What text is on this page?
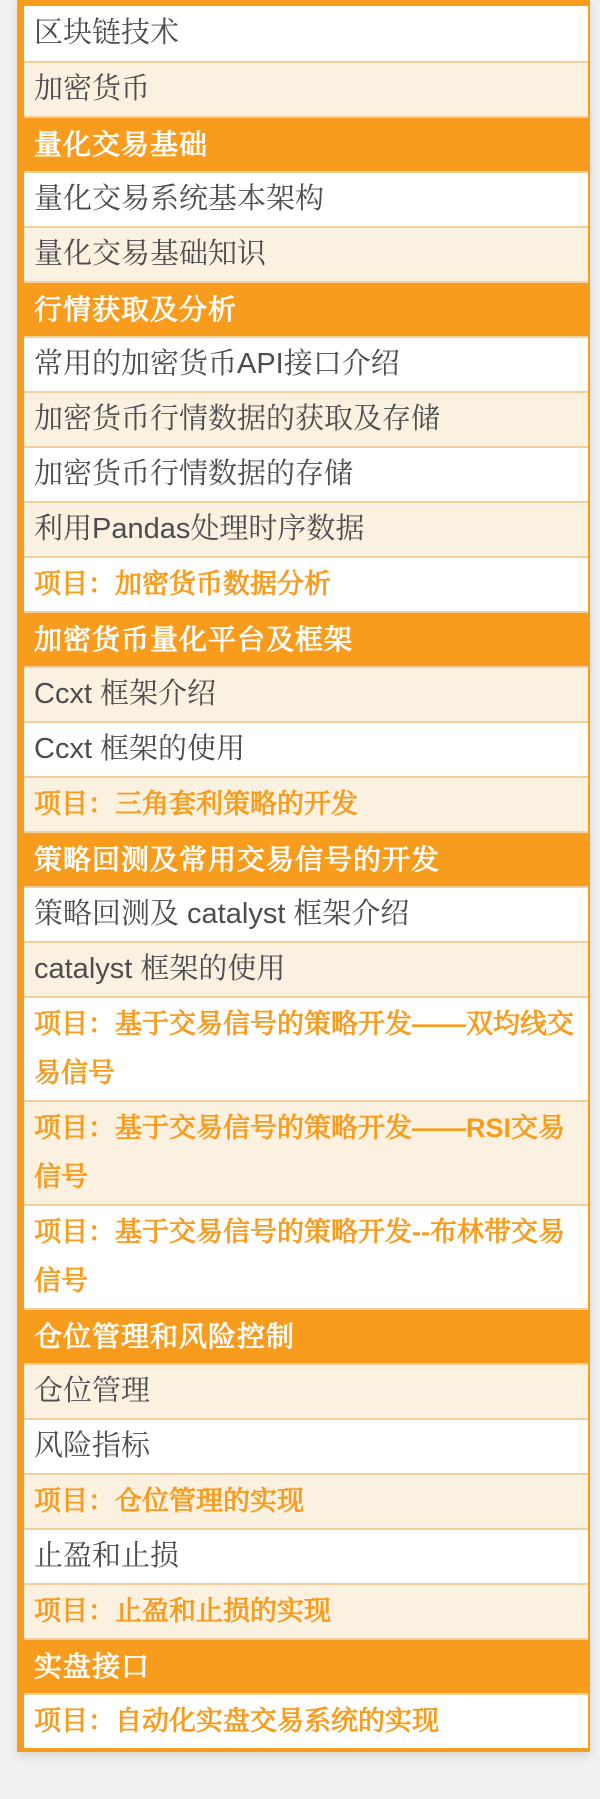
区块链技术
加密货币
量化交易基础
量化交易系统基本架构
量化交易基础知识
行情获取及分析
常用的加密货币API接口介绍
加密货币行情数据的获取及存储
加密货币行情数据的存储
利用Pandas处理时序数据
项目：加密货币数据分析
加密货币量化平台及框架
Ccxt 框架介绍
Ccxt 框架的使用
项目：三角套利策略的开发
策略回测及常用交易信号的开发
策略回测及 catalyst 框架介绍
catalyst 框架的使用
项目：基于交易信号的策略开发——双均线交易信号
项目：基于交易信号的策略开发——RSI交易信号
项目：基于交易信号的策略开发--布林带交易信号
仓位管理和风险控制
仓位管理
风险指标
项目：仓位管理的实现
止盈和止损
项目：止盈和止损的实现
实盘接口
项目：自动化实盘交易系统的实现
